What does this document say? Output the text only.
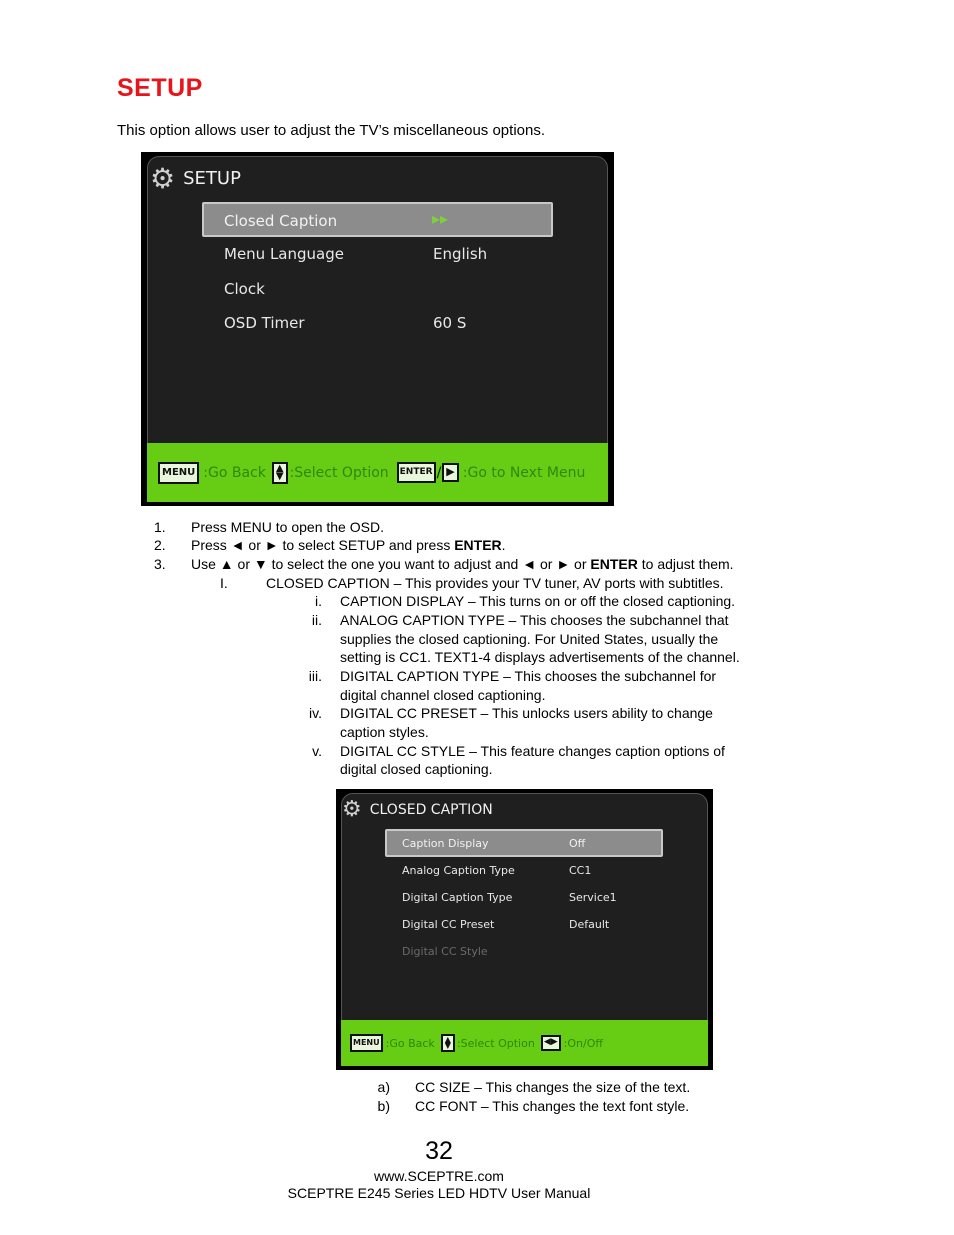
SETUP
This option allows user to adjust the TV’s miscellaneous options.
⚙ SETUP
Closed Caption	▸▸
Menu Language	English
Clock
OSD Timer	60 S
MENU :Go Back ▲
▼ :Select Option	ENTER / ▶ :Go to Next Menu
1. Press MENU to open the OSD.
2. Press ◄ or ► to select SETUP and press ENTER.
3. Use ▲ or ▼ to select the one you want to adjust and ◄ or ► or ENTER to adjust them.
I.	CLOSED CAPTION – This provides your TV tuner, AV ports with subtitles.
i. CAPTION DISPLAY – This turns on or off the closed captioning.
ii. ANALOG CAPTION TYPE – This chooses the subchannel that
supplies the closed captioning. For United States, usually the
setting is CC1. TEXT1-4 displays advertisements of the channel.
iii. DIGITAL CAPTION TYPE – This chooses the subchannel for
digital channel closed captioning.
iv. DIGITAL CC PRESET – This unlocks users ability to change
caption styles.
v. DIGITAL CC STYLE – This feature changes caption options of
digital closed captioning.
⚙ CLOSED CAPTION
Caption Display	Off
Analog Caption Type	CC1
Digital Caption Type	Service1
Digital CC Preset	Default
Digital CC Style
MENU :Go Back ▲
▼ :Select Option ◀ ▶ :On/Off
a) CC SIZE – This changes the size of the text.
b) CC FONT – This changes the text font style.
32
www.SCEPTRE.com
SCEPTRE E245 Series LED HDTV User Manual
